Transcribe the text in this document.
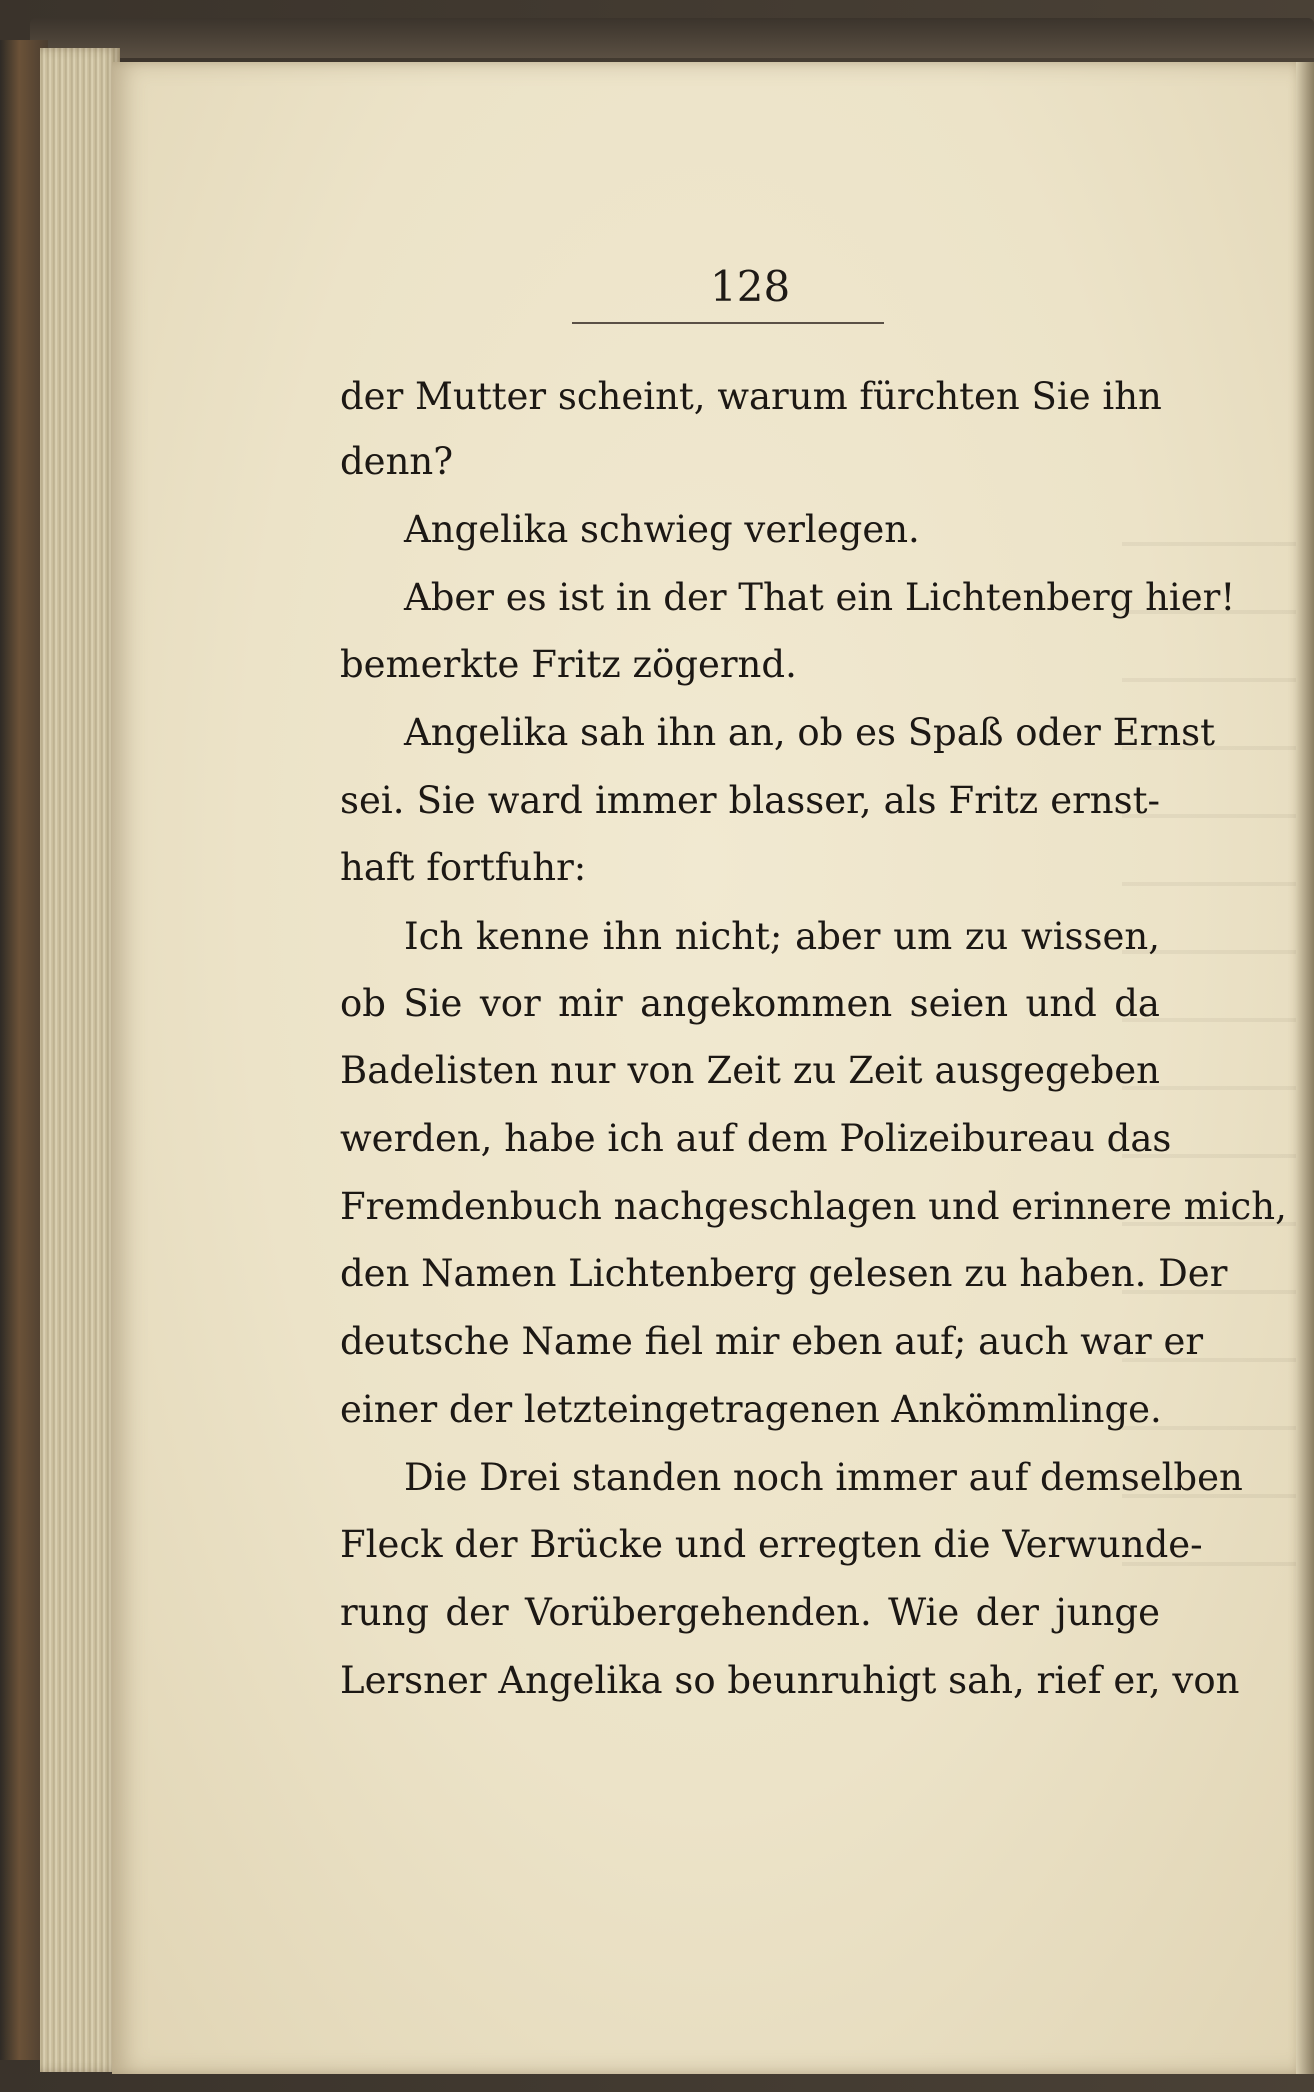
128
der Mutter scheint, warum fürchten Sie ihn
denn?
Angelika schwieg verlegen.
Aber es ist in der That ein Lichtenberg hier!
bemerkte Fritz zögernd.
Angelika sah ihn an, ob es Spaß oder Ernst
sei. Sie ward immer blasser, als Fritz ernst-
haft fortfuhr:
Ich kenne ihn nicht; aber um zu wissen,
ob Sie vor mir angekommen seien und da
Badelisten nur von Zeit zu Zeit ausgegeben
werden, habe ich auf dem Polizeibureau das
Fremdenbuch nachgeschlagen und erinnere mich,
den Namen Lichtenberg gelesen zu haben. Der
deutsche Name fiel mir eben auf; auch war er
einer der letzteingetragenen Ankömmlinge.
Die Drei standen noch immer auf demselben
Fleck der Brücke und erregten die Verwunde-
rung der Vorübergehenden. Wie der junge
Lersner Angelika so beunruhigt sah, rief er, von
